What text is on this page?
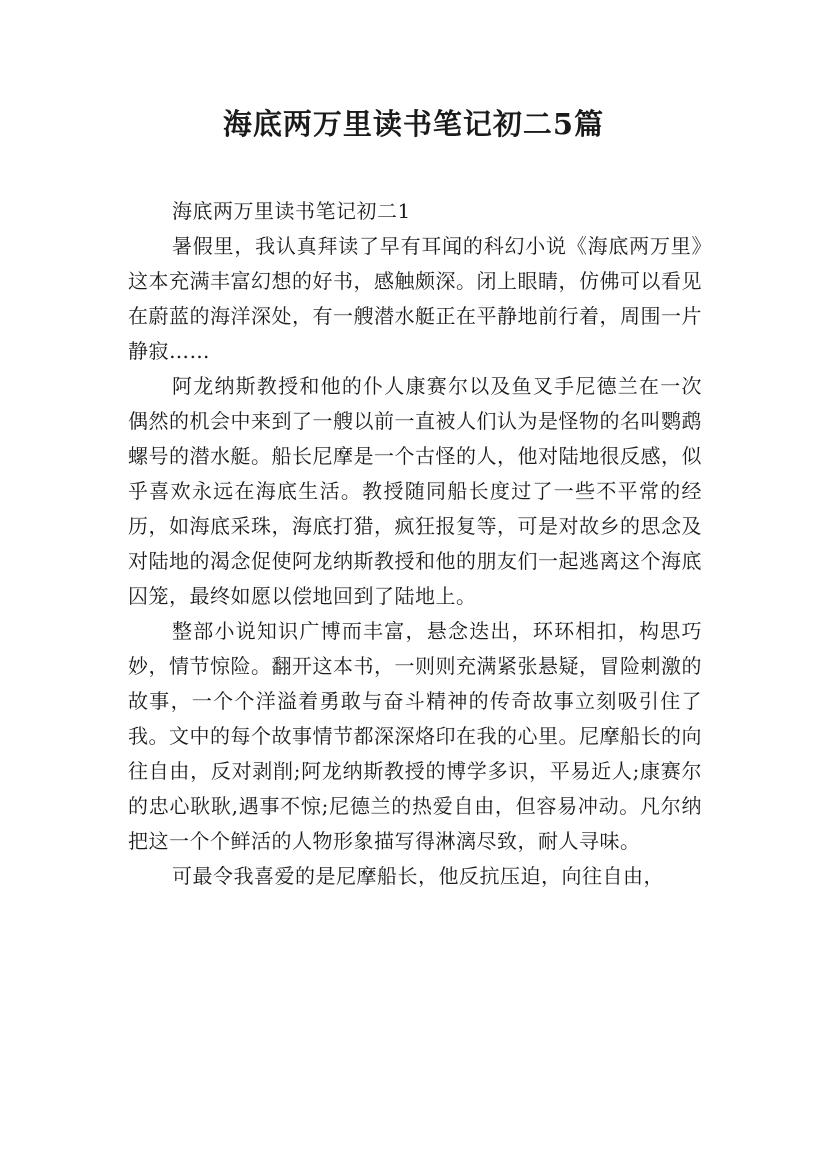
海底两万里读书笔记初二5篇

海底两万里读书笔记初二1

暑假里，我认真拜读了早有耳闻的科幻小说《海底两万里》这本充满丰富幻想的好书，感触颇深。闭上眼睛，仿佛可以看见在蔚蓝的海洋深处，有一艘潜水艇正在平静地前行着，周围一片静寂……

阿龙纳斯教授和他的仆人康赛尔以及鱼叉手尼德兰在一次偶然的机会中来到了一艘以前一直被人们认为是怪物的名叫鹦鹉螺号的潜水艇。船长尼摩是一个古怪的人，他对陆地很反感，似乎喜欢永远在海底生活。教授随同船长度过了一些不平常的经历，如海底采珠，海底打猎，疯狂报复等，可是对故乡的思念及对陆地的渴念促使阿龙纳斯教授和他的朋友们一起逃离这个海底囚笼，最终如愿以偿地回到了陆地上。

整部小说知识广博而丰富，悬念迭出，环环相扣，构思巧妙，情节惊险。翻开这本书，一则则充满紧张悬疑，冒险刺激的故事，一个个洋溢着勇敢与奋斗精神的传奇故事立刻吸引住了我。文中的每个故事情节都深深烙印在我的心里。尼摩船长的向往自由，反对剥削;阿龙纳斯教授的博学多识，平易近人;康赛尔的忠心耿耿,遇事不惊;尼德兰的热爱自由，但容易冲动。凡尔纳把这一个个鲜活的人物形象描写得淋漓尽致，耐人寻味。

可最令我喜爱的是尼摩船长，他反抗压迫，向往自由，
